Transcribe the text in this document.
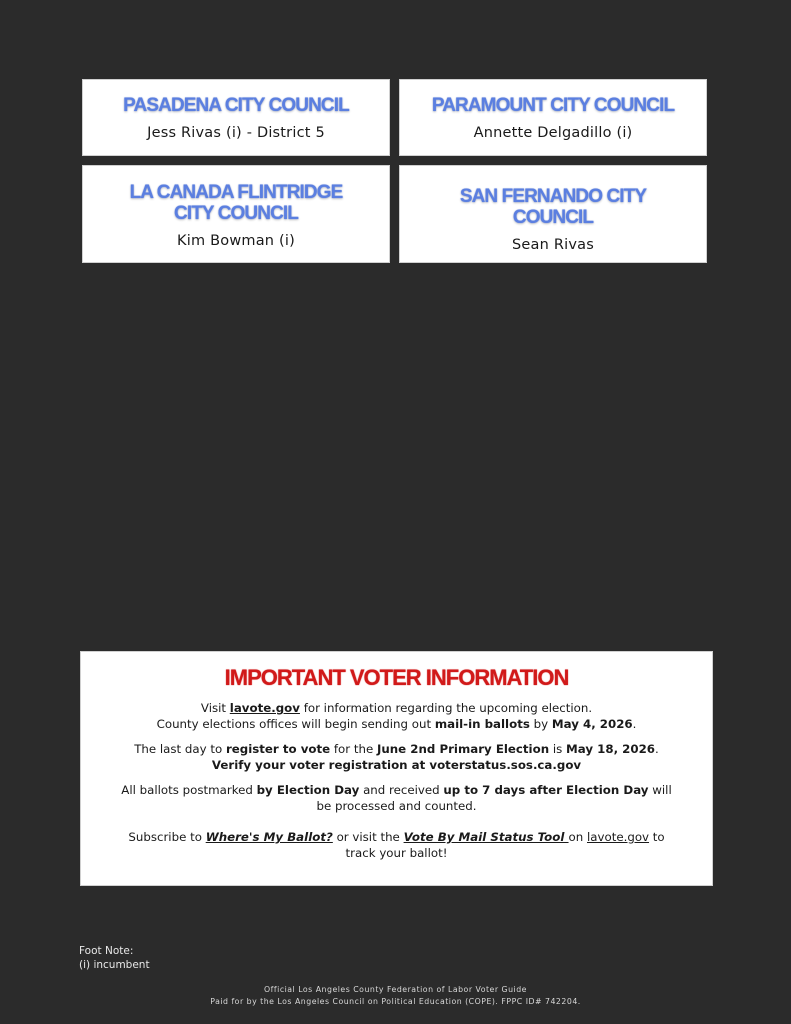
PASADENA CITY COUNCIL
Jess Rivas (i) - District 5
PARAMOUNT CITY COUNCIL
Annette Delgadillo (i)
LA CANADA FLINTRIDGE CITY COUNCIL
Kim Bowman (i)
SAN FERNANDO CITY COUNCIL
Sean Rivas
IMPORTANT VOTER INFORMATION

Visit lavote.gov for information regarding the upcoming election.
County elections offices will begin sending out mail-in ballots by May 4, 2026.

The last day to register to vote for the June 2nd Primary Election is May 18, 2026.
Verify your voter registration at voterstatus.sos.ca.gov

All ballots postmarked by Election Day and received up to 7 days after Election Day will be processed and counted.

Subscribe to Where's My Ballot? or visit the Vote By Mail Status Tool on lavote.gov to track your ballot!

Foot Note:
(i) incumbent
Official Los Angeles County Federation of Labor Voter Guide
Paid for by the Los Angeles Council on Political Education (COPE). FPPC ID# 742204.
